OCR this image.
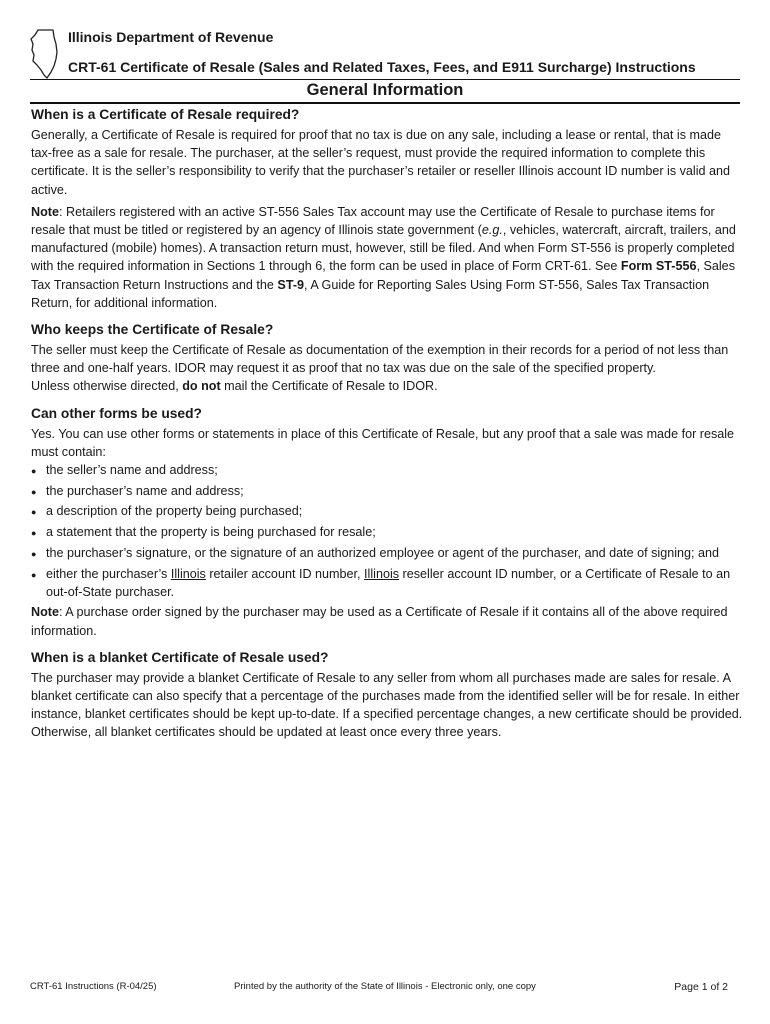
Illinois Department of Revenue
CRT-61 Certificate of Resale (Sales and Related Taxes, Fees, and E911 Surcharge) Instructions
General Information
When is a Certificate of Resale required?

Generally, a Certificate of Resale is required for proof that no tax is due on any sale, including a lease or rental, that is made tax-free as a sale for resale. The purchaser, at the seller’s request, must provide the required information to complete this certificate. It is the seller’s responsibility to verify that the purchaser’s retailer or reseller Illinois account ID number is valid and active.

Note: Retailers registered with an active ST-556 Sales Tax account may use the Certificate of Resale to purchase items for resale that must be titled or registered by an agency of Illinois state government (e.g., vehicles, watercraft, aircraft, trailers, and manufactured (mobile) homes). A transaction return must, however, still be filed. And when Form ST-556 is properly completed with the required information in Sections 1 through 6, the form can be used in place of Form CRT-61. See Form ST-556, Sales Tax Transaction Return Instructions and the ST-9, A Guide for Reporting Sales Using Form ST-556, Sales Tax Transaction Return, for additional information.

Who keeps the Certificate of Resale?

The seller must keep the Certificate of Resale as documentation of the exemption in their records for a period of not less than three and one-half years. IDOR may request it as proof that no tax was due on the sale of the specified property.

Unless otherwise directed, do not mail the Certificate of Resale to IDOR.

Can other forms be used?

Yes. You can use other forms or statements in place of this Certificate of Resale, but any proof that a sale was made for resale must contain:

● the seller’s name and address;
● the purchaser’s name and address;
● a description of the property being purchased;
● a statement that the property is being purchased for resale;
● the purchaser’s signature, or the signature of an authorized employee or agent of the purchaser, and date of signing; and
● either the purchaser’s Illinois retailer account ID number, Illinois reseller account ID number, or a Certificate of Resale to an out-of-State purchaser.

Note: A purchase order signed by the purchaser may be used as a Certificate of Resale if it contains all of the above required information.

When is a blanket Certificate of Resale used?

The purchaser may provide a blanket Certificate of Resale to any seller from whom all purchases made are sales for resale. A blanket certificate can also specify that a percentage of the purchases made from the identified seller will be for resale. In either instance, blanket certificates should be kept up-to-date. If a specified percentage changes, a new certificate should be provided. Otherwise, all blanket certificates should be updated at least once every three years.

CRT-61 Instructions (R-04/25)	Printed by the authority of the State of Illinois - Electronic only, one copy	Page 1 of 2
